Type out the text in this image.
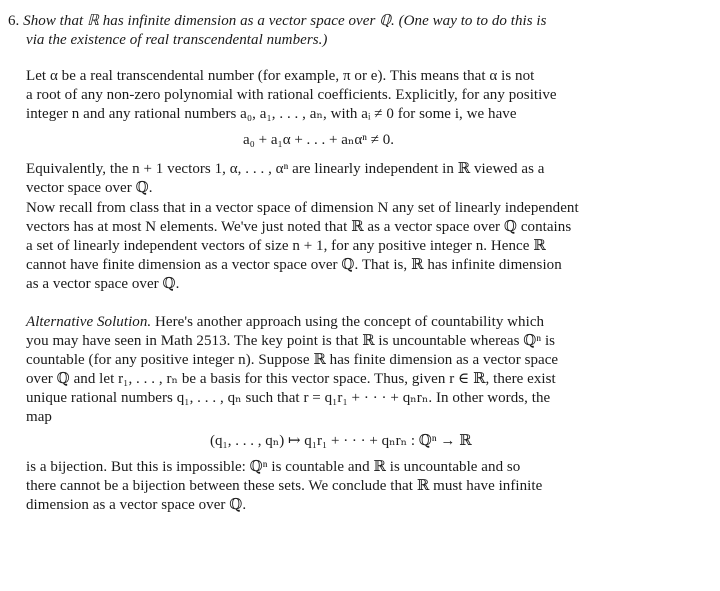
6. Show that ℝ has infinite dimension as a vector space over ℚ. (One way to to do this is
via the existence of real transcendental numbers.)
Let α be a real transcendental number (for example, π or e). This means that α is not
a root of any non-zero polynomial with rational coefficients. Explicitly, for any positive
integer n and any rational numbers a₀, a₁, . . . , aₙ, with aᵢ ≠ 0 for some i, we have
a₀ + a₁α + . . . + aₙαⁿ ≠ 0.
Equivalently, the n + 1 vectors 1, α, . . . , αⁿ are linearly independent in ℝ viewed as a
vector space over ℚ.
Now recall from class that in a vector space of dimension N any set of linearly independent
vectors has at most N elements. We've just noted that ℝ as a vector space over ℚ contains
a set of linearly independent vectors of size n + 1, for any positive integer n. Hence ℝ
cannot have finite dimension as a vector space over ℚ. That is, ℝ has infinite dimension
as a vector space over ℚ.
Alternative Solution. Here's another approach using the concept of countability which
you may have seen in Math 2513. The key point is that ℝ is uncountable whereas ℚⁿ is
countable (for any positive integer n). Suppose ℝ has finite dimension as a vector space
over ℚ and let r₁, . . . , rₙ be a basis for this vector space. Thus, given r ∈ ℝ, there exist
unique rational numbers q₁, . . . , qₙ such that r = q₁r₁ + · · · + qₙrₙ. In other words, the
map
(q₁, . . . , qₙ) ↦ q₁r₁ + · · · + qₙrₙ : ℚⁿ → ℝ
is a bijection. But this is impossible: ℚⁿ is countable and ℝ is uncountable and so
there cannot be a bijection between these sets. We conclude that ℝ must have infinite
dimension as a vector space over ℚ.
